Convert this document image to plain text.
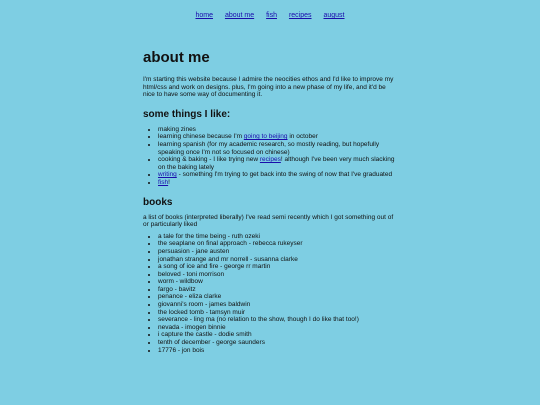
home about me fish recipes august
about me

I'm starting this website because I admire the neocities ethos and I'd like to improve my html/css and work on designs. plus, I'm going into a new phase of my life, and it'd be nice to have some way of documenting it.

some things I like:
• making zines
• learning chinese because I'm going to beijing in october
• learning spanish (for my academic research, so mostly reading, but hopefully speaking once I'm not so focused on chinese)
• cooking & baking - I like trying new recipes! although I've been very much slacking on the baking lately
• writing - something I'm trying to get back into the swing of now that I've graduated
• fish!
books

a list of books (interpreted liberally) I've read semi recently which I got something out of or particularly liked

• a tale for the time being - ruth ozeki
• the seaplane on final approach - rebecca rukeyser
• persuasion - jane austen
• jonathan strange and mr norrell - susanna clarke
• a song of ice and fire - george rr martin
• beloved - toni morrison
• worm - wildbow
• fargo - bavitz
• penance - eliza clarke
• giovanni's room - james baldwin
• the locked tomb - tamsyn muir
• severance - ling ma (no relation to the show, though I do like that too!)
• nevada - imogen binnie
• i capture the castle - dodie smith
• tenth of december - george saunders
• 17776 - jon bois
